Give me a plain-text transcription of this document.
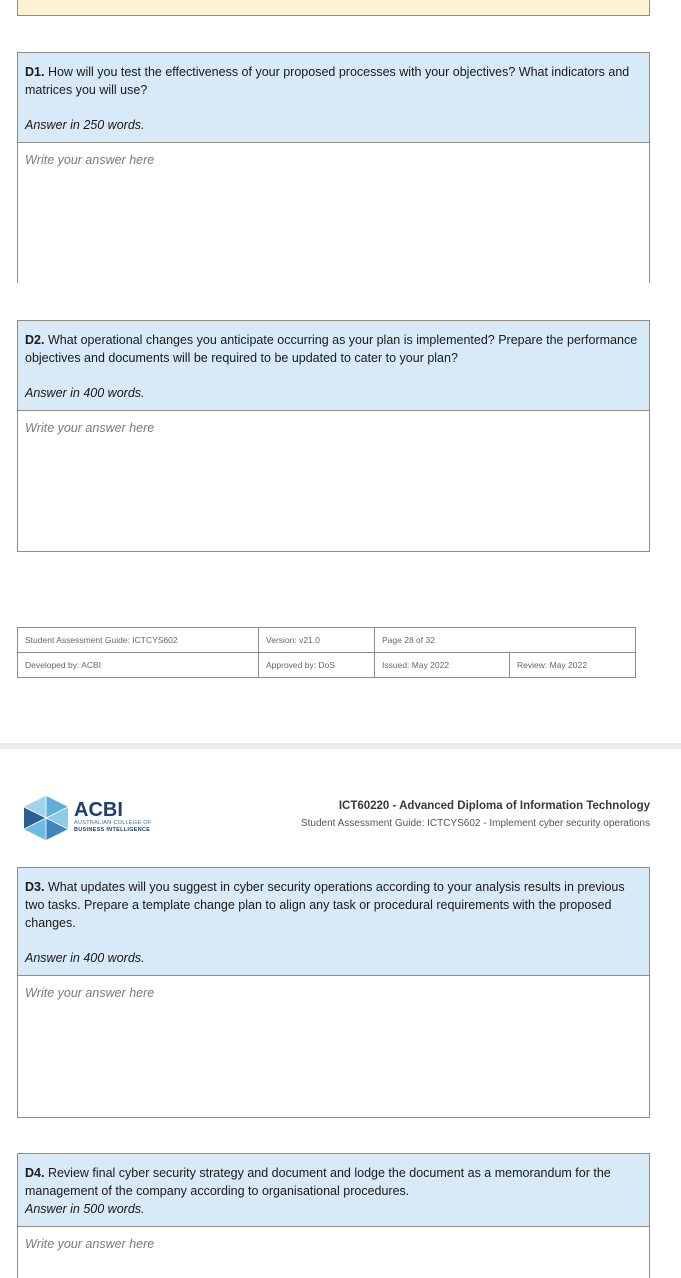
D1. How will you test the effectiveness of your proposed processes with your objectives? What indicators and matrices you will use?
Answer in 250 words.
Write your answer here
D2. What operational changes you anticipate occurring as your plan is implemented? Prepare the performance objectives and documents will be required to be updated to cater to your plan?
Answer in 400 words.
Write your answer here
Student Assessment Guide: ICTCYS602	Version: v21.0	Page 28 of 32	
Developed by: ACBI	Approved by: DoS	Issued: May 2022	Review: May 2022
ACBI
AUSTRALIAN COLLEGE OF
BUSINESS INTELLIGENCE
ICT60220 - Advanced Diploma of Information Technology
Student Assessment Guide: ICTCYS602 - Implement cyber security operations
D3. What updates will you suggest in cyber security operations according to your analysis results in previous two tasks. Prepare a template change plan to align any task or procedural requirements with the proposed changes.
Answer in 400 words.
Write your answer here
D4. Review final cyber security strategy and document and lodge the document as a memorandum for the management of the company according to organisational procedures.
Answer in 500 words.
Write your answer here
